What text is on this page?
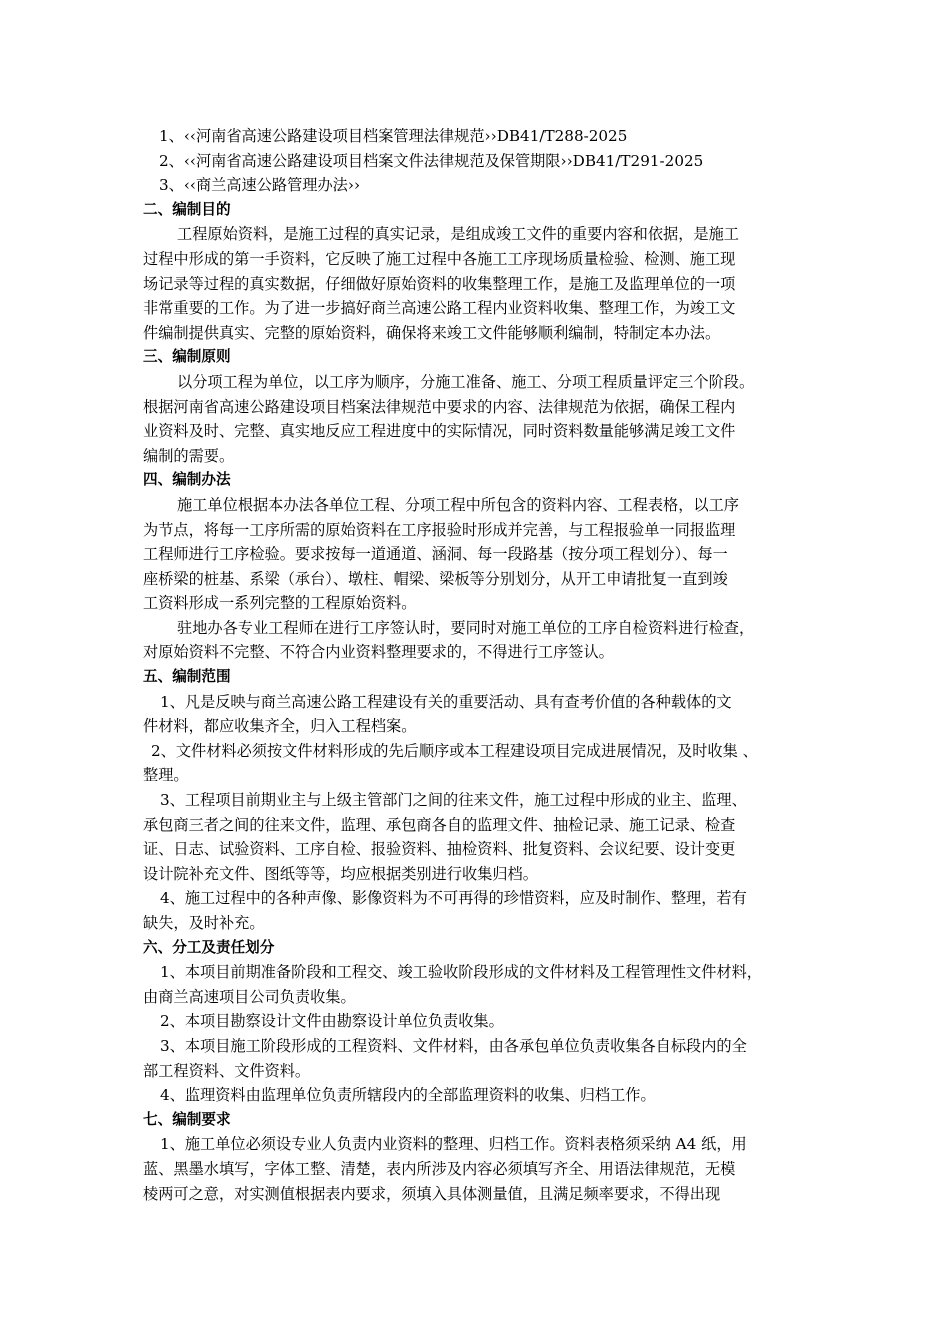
1、‹‹河南省高速公路建设项目档案管理法律规范››DB41/T288-2025
2、‹‹河南省高速公路建设项目档案文件法律规范及保管期限››DB41/T291-2025
3、‹‹商兰高速公路管理办法››
二、编制目的
工程原始资料，是施工过程的真实记录，是组成竣工文件的重要内容和依据，是施工
过程中形成的第一手资料，它反映了施工过程中各施工工序现场质量检验、检测、施工现
场记录等过程的真实数据，仔细做好原始资料的收集整理工作，是施工及监理单位的一项
非常重要的工作。为了进一步搞好商兰高速公路工程内业资料收集、整理工作，为竣工文
件编制提供真实、完整的原始资料，确保将来竣工文件能够顺利编制，特制定本办法。
三、编制原则
以分项工程为单位，以工序为顺序，分施工准备、施工、分项工程质量评定三个阶段。
根据河南省高速公路建设项目档案法律规范中要求的内容、法律规范为依据，确保工程内
业资料及时、完整、真实地反应工程进度中的实际情况，同时资料数量能够满足竣工文件
编制的需要。
四、编制办法
施工单位根据本办法各单位工程、分项工程中所包含的资料内容、工程表格，以工序
为节点，将每一工序所需的原始资料在工序报验时形成并完善，与工程报验单一同报监理
工程师进行工序检验。要求按每一道通道、涵洞、每一段路基（按分项工程划分）、每一
座桥梁的桩基、系梁（承台）、墩柱、帽梁、梁板等分别划分，从开工申请批复一直到竣
工资料形成一系列完整的工程原始资料。
驻地办各专业工程师在进行工序签认时，要同时对施工单位的工序自检资料进行检查，
对原始资料不完整、不符合内业资料整理要求的，不得进行工序签认。
五、编制范围
1、凡是反映与商兰高速公路工程建设有关的重要活动、具有查考价值的各种载体的文
件材料，都应收集齐全，归入工程档案。
2、文件材料必须按文件材料形成的先后顺序或本工程建设项目完成进展情况，及时收集 、
整理。
3、工程项目前期业主与上级主管部门之间的往来文件，施工过程中形成的业主、监理、
承包商三者之间的往来文件，监理、承包商各自的监理文件、抽检记录、施工记录、检查
证、日志、试验资料、工序自检、报验资料、抽检资料、批复资料、会议纪要、设计变更
设计院补充文件、图纸等等，均应根据类别进行收集归档。
4、施工过程中的各种声像、影像资料为不可再得的珍惜资料，应及时制作、整理，若有
缺失，及时补充。
六、分工及责任划分
1、本项目前期准备阶段和工程交、竣工验收阶段形成的文件材料及工程管理性文件材料，
由商兰高速项目公司负责收集。
2、本项目勘察设计文件由勘察设计单位负责收集。
3、本项目施工阶段形成的工程资料、文件材料，由各承包单位负责收集各自标段内的全
部工程资料、文件资料。
4、监理资料由监理单位负责所辖段内的全部监理资料的收集、归档工作。
七、编制要求
1、施工单位必须设专业人负责内业资料的整理、归档工作。资料表格须采纳 A4 纸，用
蓝、黑墨水填写，字体工整、清楚，表内所涉及内容必须填写齐全、用语法律规范，无模
棱两可之意，对实测值根据表内要求，须填入具体测量值，且满足频率要求，不得出现
